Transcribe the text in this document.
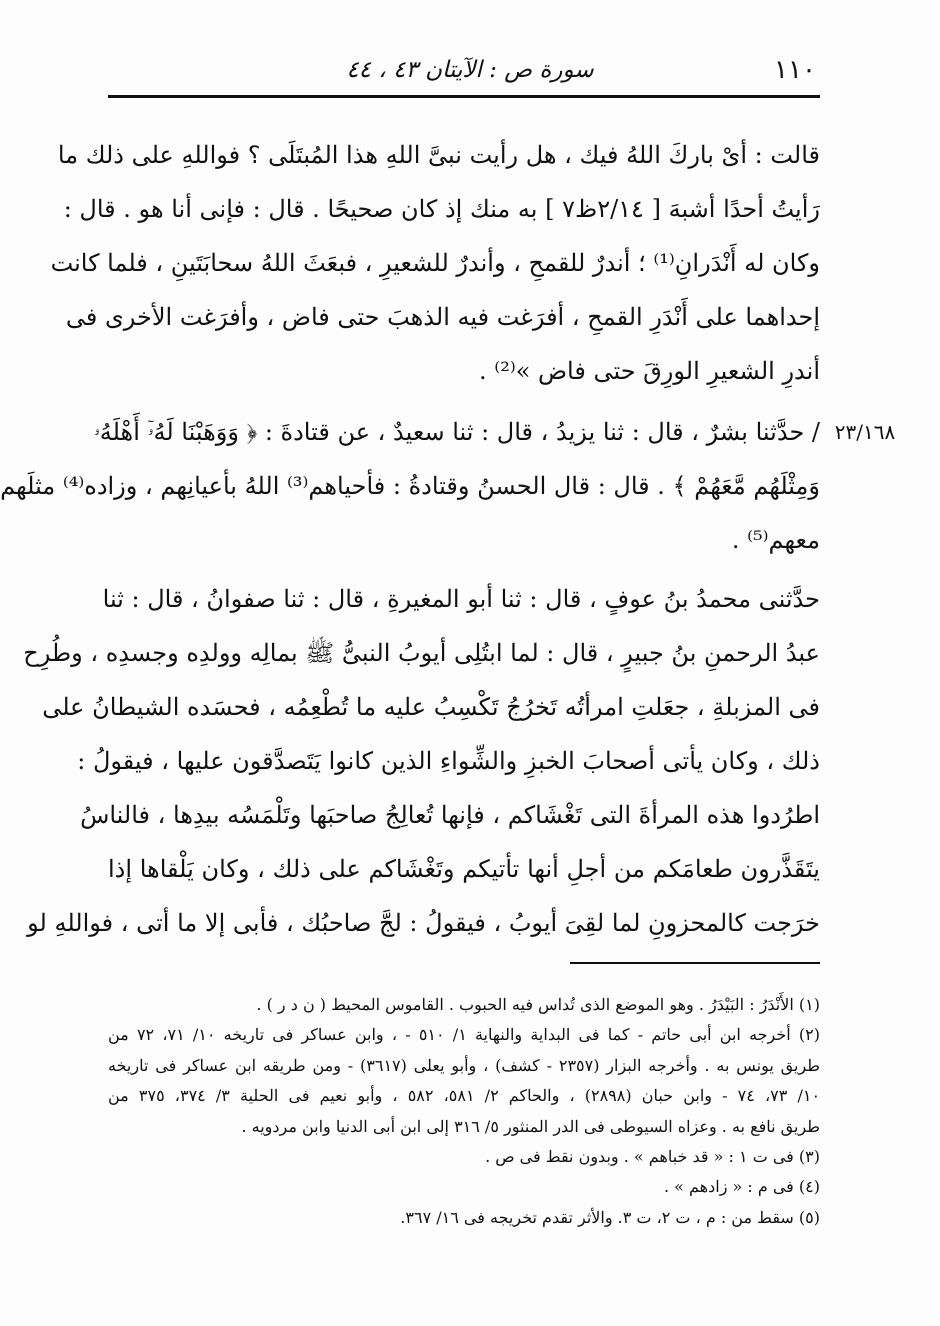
١١٠
سورة ص : الآيتان ٤٣ ، ٤٤
قالت : أىْ باركَ اللهُ فيك ، هل رأيت نبىَّ اللهِ هذا المُبتَلَى ؟ فواللهِ على ذلك ما
رَأيتُ أحدًا أشبهَ [ ٢/١٤ظ٧ ] به منك إذ كان صحيحًا . قال : فإنى أنا هو . قال :
وكان له أَنْدَرانِ⁽¹⁾ ؛ أندرٌ للقمحِ ، وأندرٌ للشعيرِ ، فبعَثَ اللهُ سحابَتَينِ ، فلما كانت
إحداهما على أَنْدَرِ القمحِ ، أفرَغت فيه الذهبَ حتى فاض ، وأفرَغت الأخرى فى
أندرِ الشعيرِ الورِقَ حتى فاض »⁽²⁾ .
٢٣/١٦٨
/ حدَّثنا بشرٌ ، قال : ثنا يزيدُ ، قال : ثنا سعيدٌ ، عن قتادةَ : ﴿ وَوَهَبْنَا لَهُۥٓ أَهْلَهُۥ
وَمِثْلَهُم مَّعَهُمْ ﴾ . قال : قال الحسنُ وقتادةُ : فأحياهم⁽³⁾ اللهُ بأعيانِهم ، وزاده⁽⁴⁾ مثلَهم
معهم⁽⁵⁾ .
حدَّثنى محمدُ بنُ عوفٍ ، قال : ثنا أبو المغيرةِ ، قال : ثنا صفوانُ ، قال : ثنا
عبدُ الرحمنِ بنُ جبيرٍ ، قال : لما ابتُلِى أيوبُ النبىُّ ﷺ بمالِه وولدِه وجسدِه ، وطُرِح
فى المزبلةِ ، جعَلتِ امرأتُه تَخرُجُ تَكْسِبُ عليه ما تُطْعِمُه ، فحسَده الشيطانُ على
ذلك ، وكان يأتى أصحابَ الخبزِ والشِّواءِ الذين كانوا يَتَصدَّقون عليها ، فيقولُ :
اطرُدوا هذه المرأةَ التى تَغْشَاكم ، فإنها تُعالِجُ صاحبَها وتَلْمَسُه بيدِها ، فالناسُ
يتَقَذَّرون طعامَكم من أجلِ أنها تأتيكم وتَغْشَاكم على ذلك ، وكان يَلْقاها إذا
خرَجت كالمحزونِ لما لقِىَ أيوبُ ، فيقولُ : لجَّ صاحبُك ، فأبى إلا ما أتى ، فواللهِ لو
(١) الأَنْدَرُ : البَيْدَرُ . وهو الموضع الذى تُداس فيه الحبوب . القاموس المحيط ( ن د ر ) .
(٢) أخرجه ابن أبى حاتم - كما فى البداية والنهاية ١/ ٥١٠ - ، وابن عساكر فى تاريخه ١٠/ ٧١، ٧٢ من
طريق يونس به . وأخرجه البزار (٢٣٥٧ - كشف) ، وأبو يعلى (٣٦١٧) - ومن طريقه ابن عساكر فى تاريخه
١٠/ ٧٣، ٧٤ - وابن حبان (٢٨٩٨) ، والحاكم ٢/ ٥٨١، ٥٨٢ ، وأبو نعيم فى الحلية ٣/ ٣٧٤، ٣٧٥ من
طريق نافع به . وعزاه السيوطى فى الدر المنثور ٥/ ٣١٦ إلى ابن أبى الدنيا وابن مردويه .
(٣) فى ت ١ : « قد خباهم » . وبدون نقط فى ص .
(٤) فى م : « زادهم » .
(٥) سقط من : م ، ت ٢، ت ٣. والأثر تقدم تخريجه فى ١٦/ ٣٦٧.
